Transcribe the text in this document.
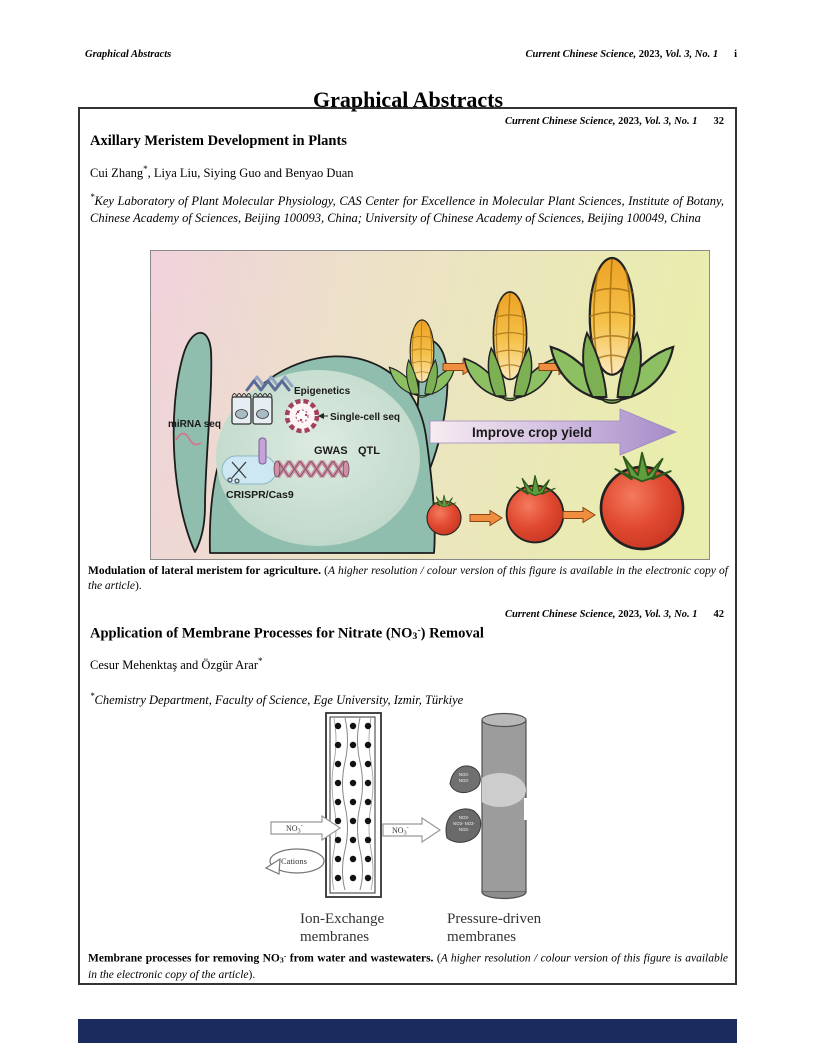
Graphical Abstracts	Current Chinese Science, 2023, Vol. 3, No. 1 i
Graphical Abstracts
Current Chinese Science, 2023, Vol. 3, No. 1 32
Axillary Meristem Development in Plants
Cui Zhang*, Liya Liu, Siying Guo and Benyao Duan
*Key Laboratory of Plant Molecular Physiology, CAS Center for Excellence in Molecular Plant Sciences, Institute of Botany, Chinese Academy of Sciences, Beijing 100093, China; University of Chinese Academy of Sciences, Beijing 100049, China
Epigenetics
miRNA seq
Single-cell seq
GWAS QTL
CRISPR/Cas9
Improve crop yield
Modulation of lateral meristem for agriculture. (A higher resolution / colour version of this figure is available in the electronic copy of the article).
Current Chinese Science, 2023, Vol. 3, No. 1 42
Application of Membrane Processes for Nitrate (NO3-) Removal
Cesur Mehenktaş and Özgür Arar*
*Chemistry Department, Faculty of Science, Ege University, Izmir, Türkiye
NO3-	NO3-
Cations
NO3-
NO3-
NO3-
NO3- NO3-
NO3-
Ion-Exchange
membranes
Pressure-driven
membranes
Membrane processes for removing NO3- from water and wastewaters. (A higher resolution / colour version of this figure is available in the electronic copy of the article).
